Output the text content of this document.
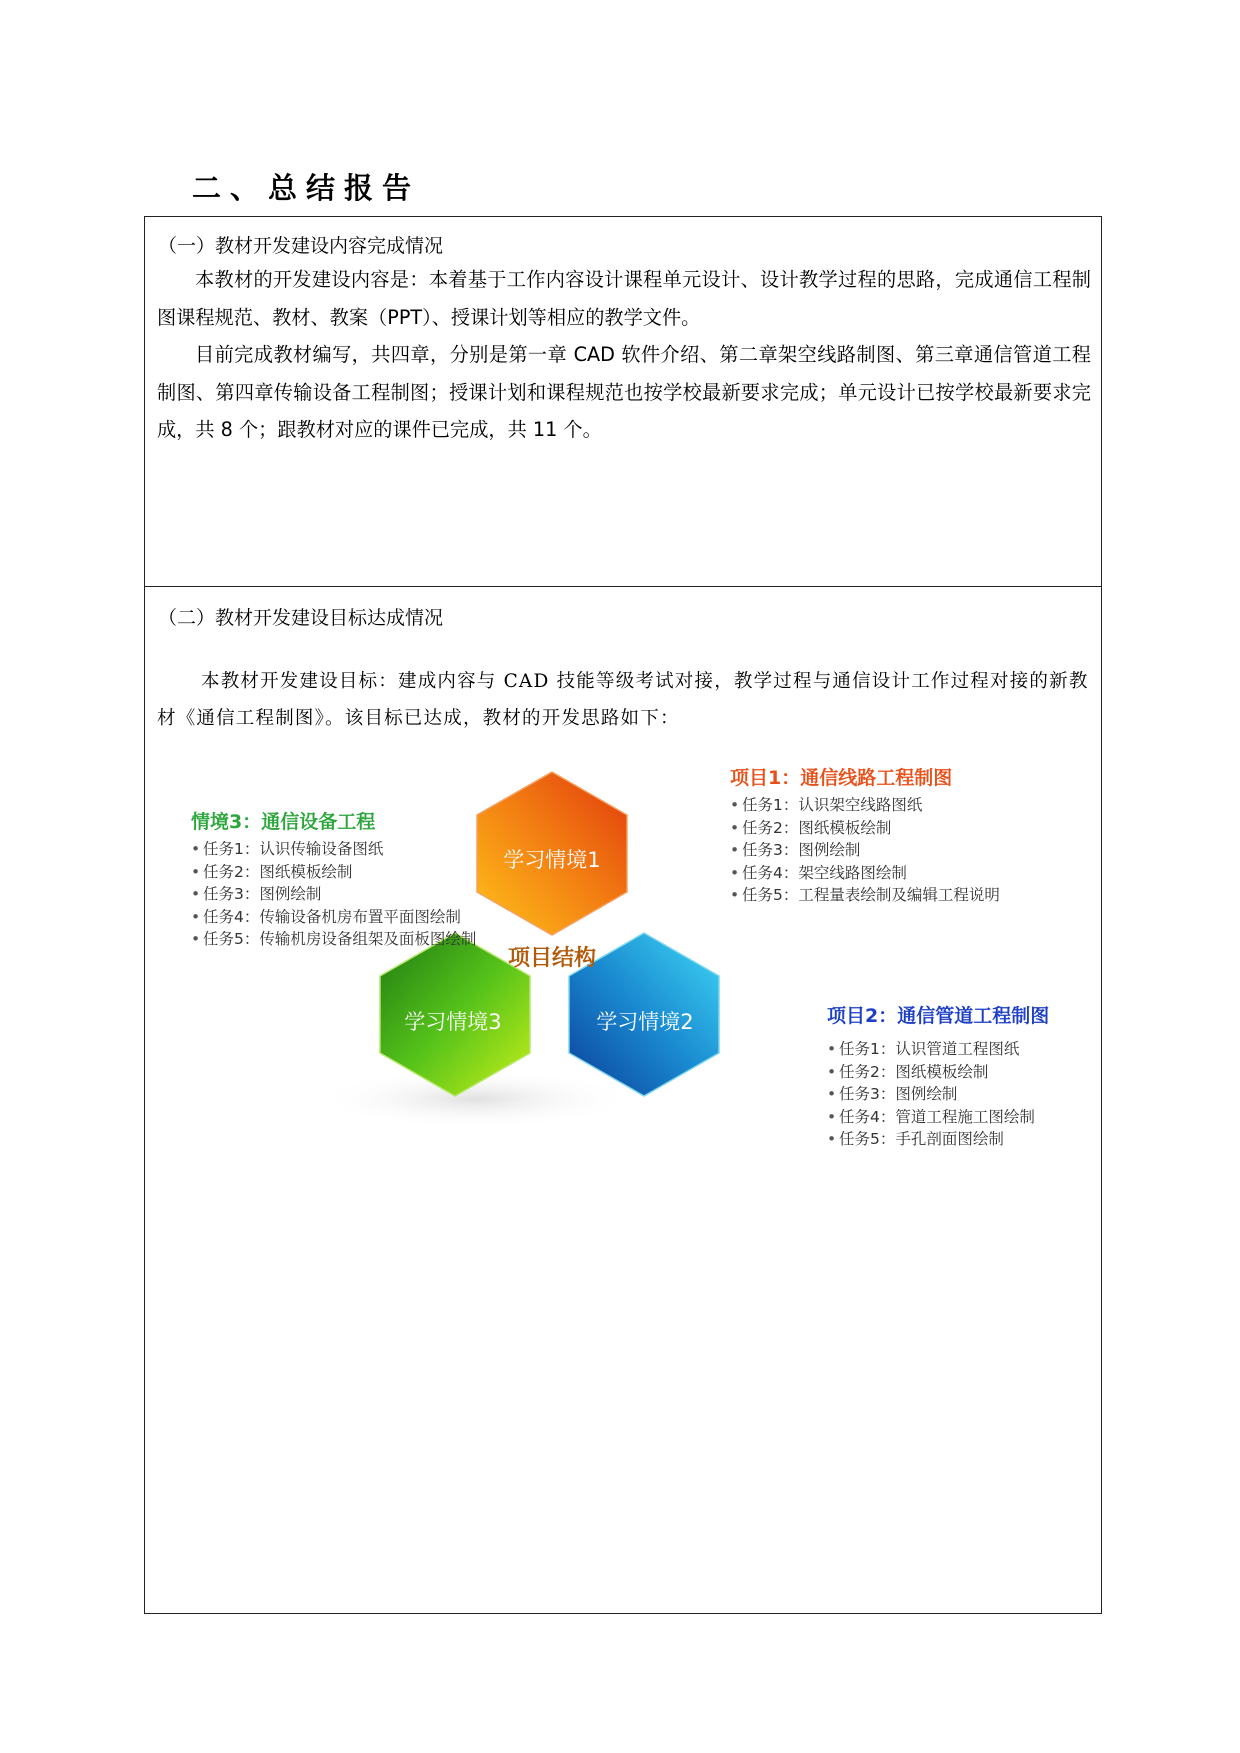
二、总结报告
（一）教材开发建设内容完成情况

本教材的开发建设内容是：本着基于工作内容设计课程单元设计、设计教学过程的思路，完成通信工程制图课程规范、教材、教案（PPT）、授课计划等相应的教学文件。

目前完成教材编写，共四章，分别是第一章 CAD 软件介绍、第二章架空线路制图、第三章通信管道工程制图、第四章传输设备工程制图；授课计划和课程规范也按学校最新要求完成；单元设计已按学校最新要求完成，共 8 个；跟教材对应的课件已完成，共 11 个。

（二）教材开发建设目标达成情况

本教材开发建设目标：建成内容与 CAD 技能等级考试对接，教学过程与通信设计工作过程对接的新教材《通信工程制图》。该目标已达成，教材的开发思路如下：

学习情境1
学习情境2
学习情境3
项目结构
项目1：通信线路工程制图
• 任务1：认识架空线路图纸
• 任务2：图纸模板绘制
• 任务3：图例绘制
• 任务4：架空线路图绘制
• 任务5：工程量表绘制及编辑工程说明
情境3：通信设备工程
• 任务1：认识传输设备图纸
• 任务2：图纸模板绘制
• 任务3：图例绘制
• 任务4：传输设备机房布置平面图绘制
• 任务5：传输机房设备组架及面板图绘制
项目2：通信管道工程制图
• 任务1：认识管道工程图纸
• 任务2：图纸模板绘制
• 任务3：图例绘制
• 任务4：管道工程施工图绘制
• 任务5：手孔剖面图绘制
